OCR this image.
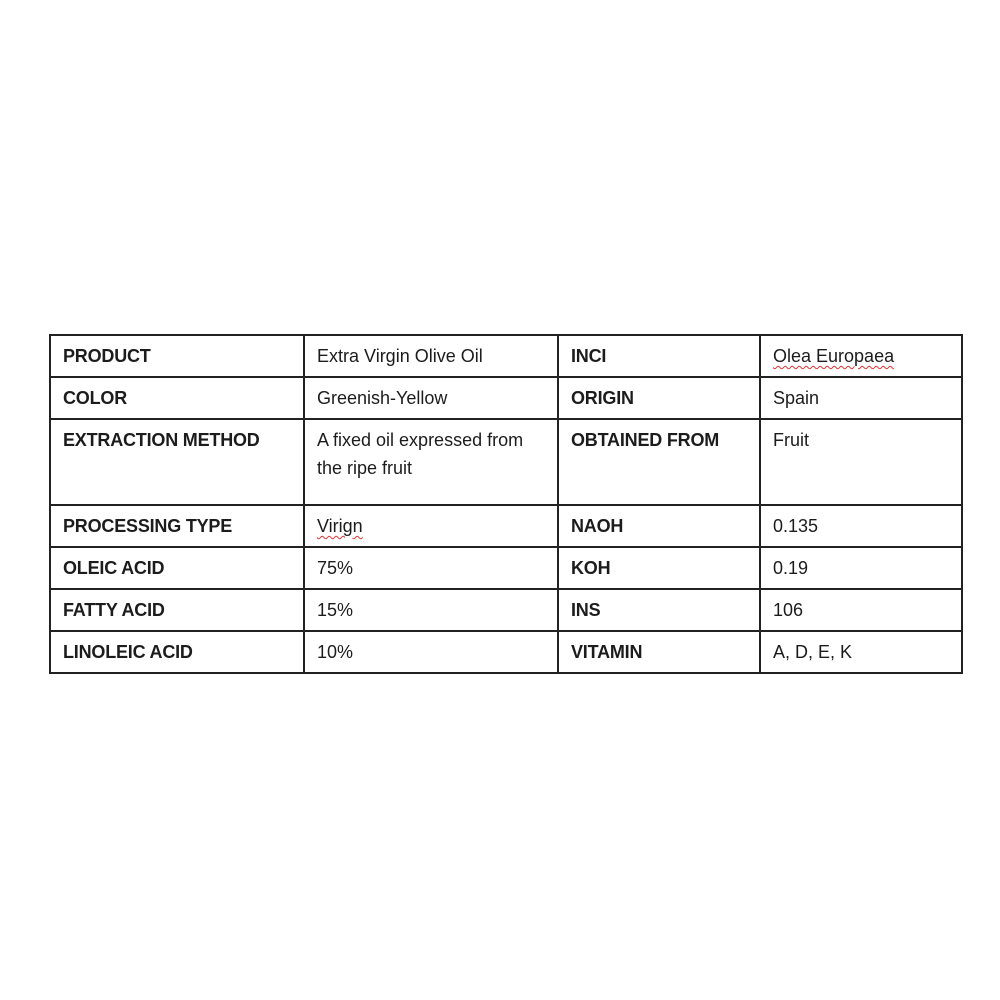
PRODUCT	Extra Virgin Olive Oil	INCI	Olea Europaea
COLOR	Greenish-Yellow	ORIGIN	Spain
EXTRACTION METHOD	A fixed oil expressed from the ripe fruit	OBTAINED FROM	Fruit
PROCESSING TYPE	Virign	NAOH	0.135
OLEIC ACID	75%	KOH	0.19
FATTY ACID	15%	INS	106
LINOLEIC ACID	10%	VITAMIN	A, D, E, K
